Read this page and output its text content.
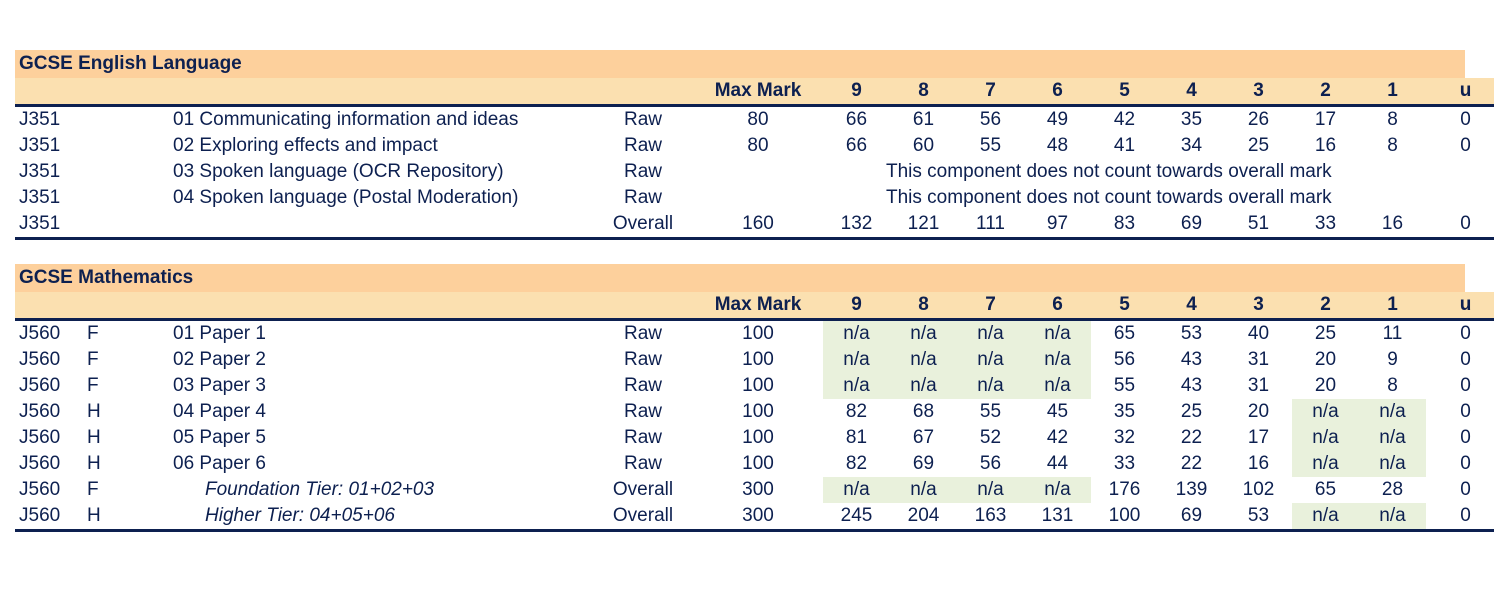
GCSE English Language
				Max Mark	9	8	7	6	5	4	3	2	1	u
J351		01 Communicating information and ideas	Raw	80	66	61	56	49	42	35	26	17	8	0
J351		02 Exploring effects and impact	Raw	80	66	60	55	48	41	34	25	16	8	0
J351		03 Spoken language (OCR Repository)	Raw		This component does not count towards overall mark									
J351		04 Spoken language (Postal Moderation)	Raw		This component does not count towards overall mark									
J351			Overall	160	132	121	111	97	83	69	51	33	16	0
GCSE Mathematics
				Max Mark	9	8	7	6	5	4	3	2	1	u
J560	F	01 Paper 1	Raw	100	n/a	n/a	n/a	n/a	65	53	40	25	11	0
J560	F	02 Paper 2	Raw	100	n/a	n/a	n/a	n/a	56	43	31	20	9	0
J560	F	03 Paper 3	Raw	100	n/a	n/a	n/a	n/a	55	43	31	20	8	0
J560	H	04 Paper 4	Raw	100	82	68	55	45	35	25	20	n/a	n/a	0
J560	H	05 Paper 5	Raw	100	81	67	52	42	32	22	17	n/a	n/a	0
J560	H	06 Paper 6	Raw	100	82	69	56	44	33	22	16	n/a	n/a	0
J560	F	Foundation Tier: 01+02+03	Overall	300	n/a	n/a	n/a	n/a	176	139	102	65	28	0
J560	H	Higher Tier: 04+05+06	Overall	300	245	204	163	131	100	69	53	n/a	n/a	0
